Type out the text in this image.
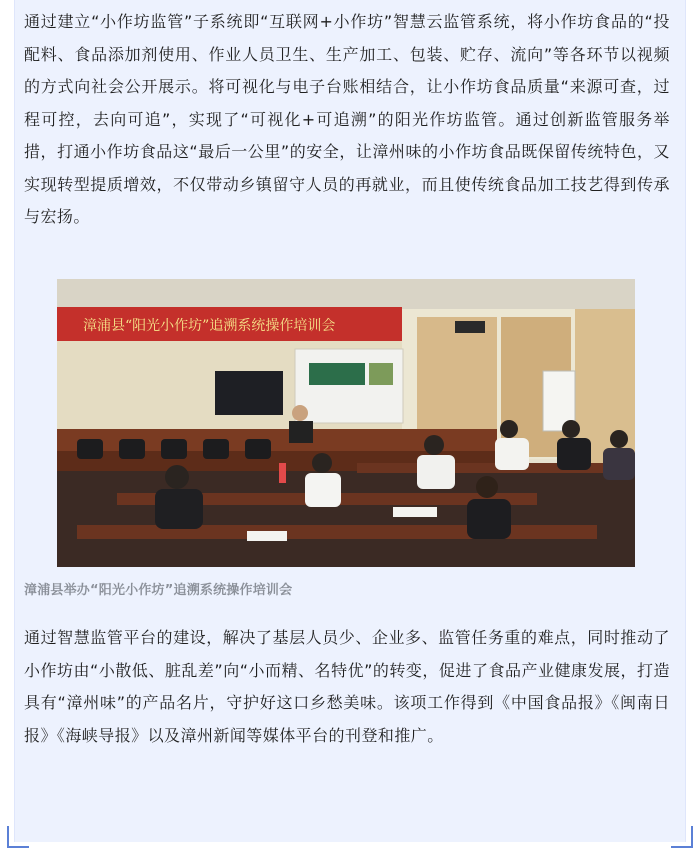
通过建立“小作坊监管”子系统即“互联网+小作坊”智慧云监管系统，将小作坊食品的“投配料、食品添加剂使用、作业人员卫生、生产加工、包装、贮存、流向”等各环节以视频的方式向社会公开展示。将可视化与电子台账相结合，让小作坊食品质量“来源可查，过程可控，去向可追”，实现了“可视化+可追溯”的阳光作坊监管。通过创新监管服务举措，打通小作坊食品这“最后一公里”的安全，让漳州味的小作坊食品既保留传统特色，又实现转型提质增效，不仅带动乡镇留守人员的再就业，而且使传统食品加工技艺得到传承与宏扬。

漳浦县“阳光小作坊”追溯系统操作培训会
漳浦县举办“阳光小作坊”追溯系统操作培训会

通过智慧监管平台的建设，解决了基层人员少、企业多、监管任务重的难点，同时推动了小作坊由“小散低、脏乱差”向“小而精、名特优”的转变，促进了食品产业健康发展，打造具有“漳州味”的产品名片，守护好这口乡愁美味。该项工作得到《中国食品报》《闽南日报》《海峡导报》以及漳州新闻等媒体平台的刊登和推广。
